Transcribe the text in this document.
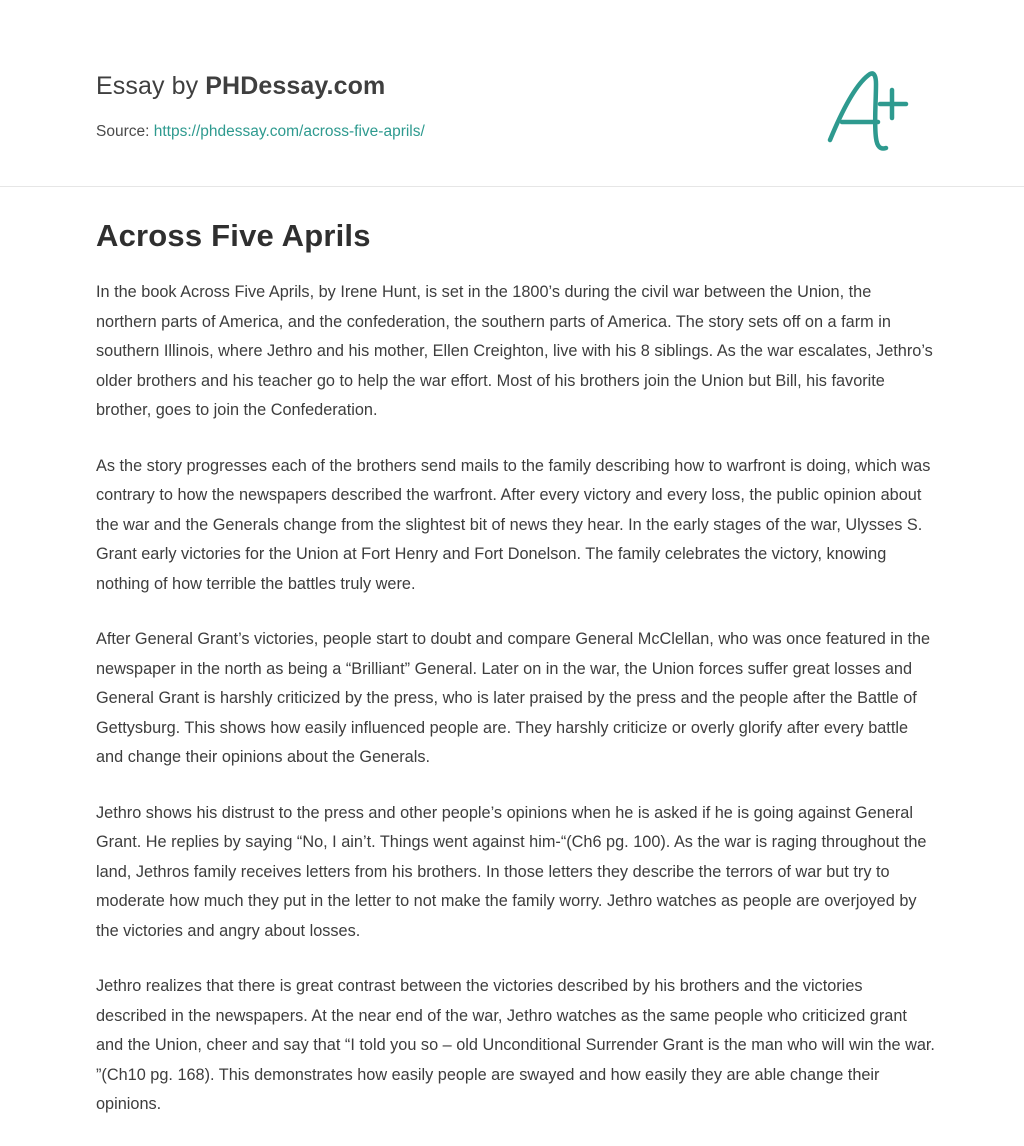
Essay by PHDessay.com
Source: https://phdessay.com/across-five-aprils/
Across Five Aprils

In the book Across Five Aprils, by Irene Hunt, is set in the 1800’s during the civil war between the Union, the northern parts of America, and the confederation, the southern parts of America. The story sets off on a farm in southern Illinois, where Jethro and his mother, Ellen Creighton, live with his 8 siblings. As the war escalates, Jethro’s older brothers and his teacher go to help the war effort. Most of his brothers join the Union but Bill, his favorite brother, goes to join the Confederation.

As the story progresses each of the brothers send mails to the family describing how to warfront is doing, which was contrary to how the newspapers described the warfront. After every victory and every loss, the public opinion about the war and the Generals change from the slightest bit of news they hear. In the early stages of the war, Ulysses S. Grant early victories for the Union at Fort Henry and Fort Donelson. The family celebrates the victory, knowing nothing of how terrible the battles truly were.

After General Grant’s victories, people start to doubt and compare General McClellan, who was once featured in the newspaper in the north as being a “Brilliant” General. Later on in the war, the Union forces suffer great losses and General Grant is harshly criticized by the press, who is later praised by the press and the people after the Battle of Gettysburg. This shows how easily influenced people are. They harshly criticize or overly glorify after every battle and change their opinions about the Generals.

Jethro shows his distrust to the press and other people’s opinions when he is asked if he is going against General Grant. He replies by saying “No, I ain’t. Things went against him-“(Ch6 pg. 100). As the war is raging throughout the land, Jethros family receives letters from his brothers. In those letters they describe the terrors of war but try to moderate how much they put in the letter to not make the family worry. Jethro watches as people are overjoyed by the victories and angry about losses.

Jethro realizes that there is great contrast between the victories described by his brothers and the victories described in the newspapers. At the near end of the war, Jethro watches as the same people who criticized grant and the Union, cheer and say that “I told you so – old Unconditional Surrender Grant is the man who will win the war. ”(Ch10 pg. 168). This demonstrates how easily people are swayed and how easily they are able change their opinions.
